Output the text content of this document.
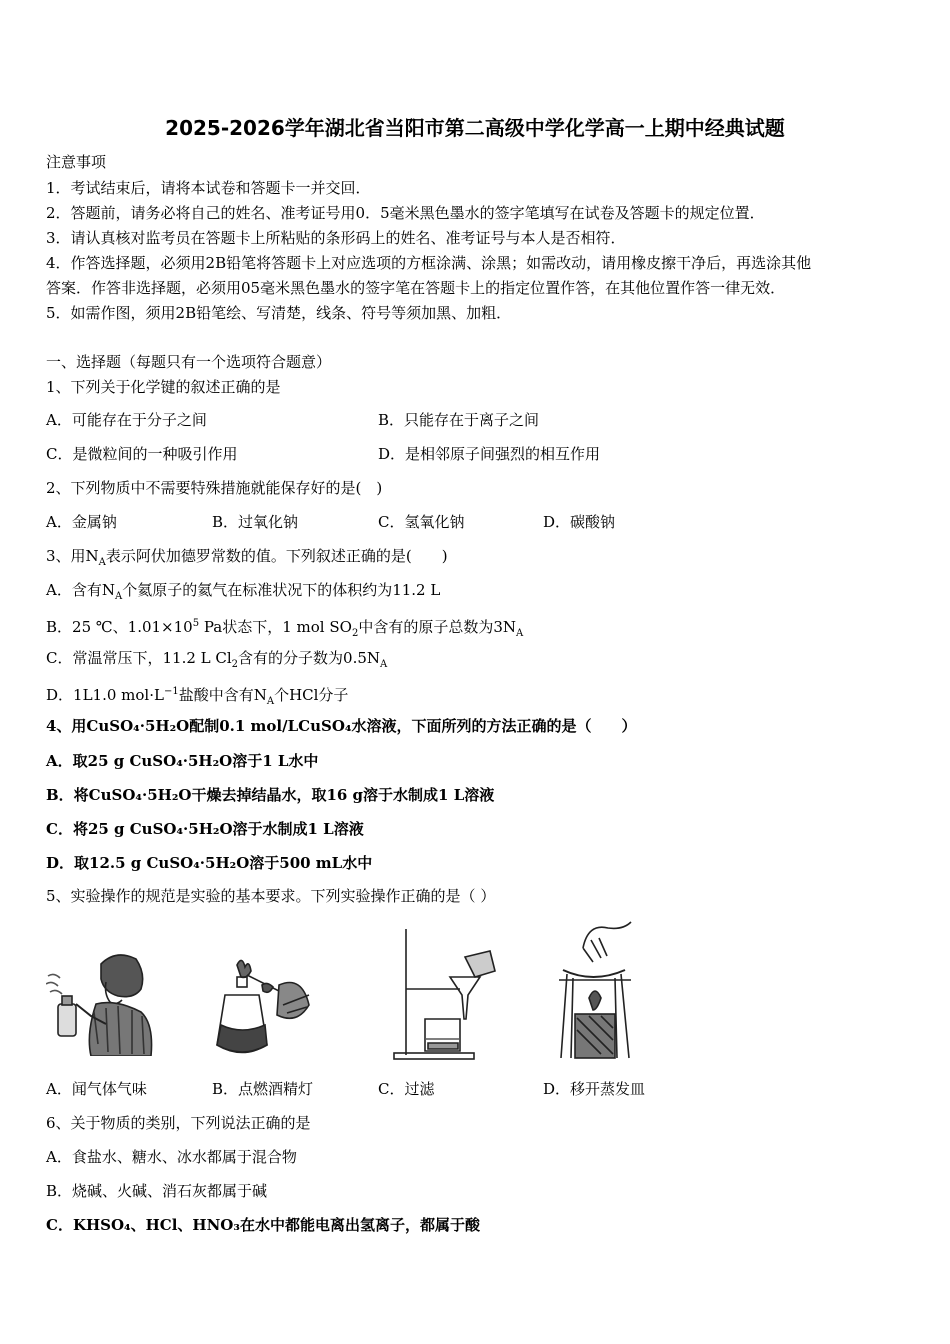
2025-2026学年湖北省当阳市第二高级中学化学高一上期中经典试题
注意事项
1．考试结束后，请将本试卷和答题卡一并交回．
2．答题前，请务必将自己的姓名、准考证号用0．5毫米黑色墨水的签字笔填写在试卷及答题卡的规定位置．
3．请认真核对监考员在答题卡上所粘贴的条形码上的姓名、准考证号与本人是否相符．
4．作答选择题，必须用2B铅笔将答题卡上对应选项的方框涂满、涂黑；如需改动，请用橡皮擦干净后，再选涂其他
答案．作答非选择题，必须用05毫米黑色墨水的签字笔在答题卡上的指定位置作答，在其他位置作答一律无效．
5．如需作图，须用2B铅笔绘、写清楚，线条、符号等须加黑、加粗．
一、选择题（每题只有一个选项符合题意）
1、下列关于化学键的叙述正确的是
A．可能存在于分子之间	B．只能存在于离子之间
C．是微粒间的一种吸引作用	D．是相邻原子间强烈的相互作用
2、下列物质中不需要特殊措施就能保存好的是(　)
A．金属钠	B．过氧化钠	C．氢氧化钠	D．碳酸钠
3、用$N_A$表示阿伏加德罗常数的值。下列叙述正确的是(　　)
A．含有$N_A$个氦原子的氦气在标准状况下的体积约为11.2 L
B．25 ℃、$1.01\times 10^5$ Pa状态下，1 mol $SO_2$中含有的原子总数为$3N_A$
C．常温常压下，11.2 L $Cl_2$含有的分子数为$0.5N_A$
D．1L1.0 $mol\cdot L^{-1}$盐酸中含有$N_A$个HCl分子
4、用CuSO₄·5H₂O配制0.1 mol/LCuSO₄水溶液，下面所列的方法正确的是（　　）
A．取25 g CuSO₄·5H₂O溶于1 L水中
B．将CuSO₄·5H₂O干燥去掉结晶水，取16 g溶于水制成1 L溶液
C．将25 g CuSO₄·5H₂O溶于水制成1 L溶液
D．取12.5 g CuSO₄·5H₂O溶于500 mL水中
5、实验操作的规范是实验的基本要求。下列实验操作正确的是（ ）
A．闻气体气味	B．点燃酒精灯	C．过滤	D．移开蒸发皿
6、关于物质的类别，下列说法正确的是
A．食盐水、糖水、冰水都属于混合物
B．烧碱、火碱、消石灰都属于碱
C．KHSO₄、HCl、HNO₃在水中都能电离出氢离子，都属于酸
